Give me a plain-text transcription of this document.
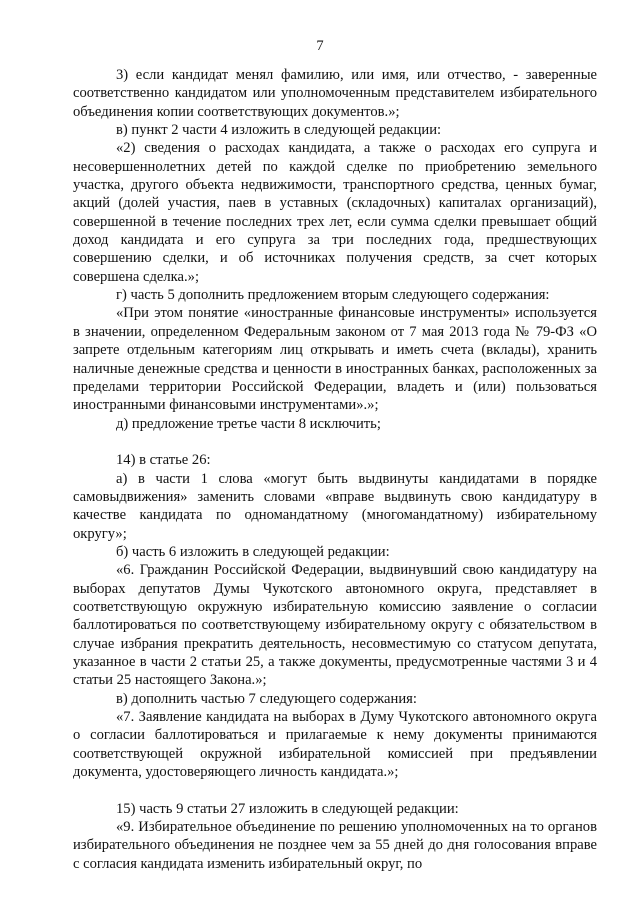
7

3) если кандидат менял фамилию, или имя, или отчество, - заверенные соответственно кандидатом или уполномоченным представителем избирательного объединения копии соответствующих документов.»;

в) пункт 2 части 4 изложить в следующей редакции:

«2) сведения о расходах кандидата, а также о расходах его супруга и несовершеннолетних детей по каждой сделке по приобретению земельного участка, другого объекта недвижимости, транспортного средства, ценных бумаг, акций (долей участия, паев в уставных (складочных) капиталах организаций), совершенной в течение последних трех лет, если сумма сделки превышает общий доход кандидата и его супруга за три последних года, предшествующих совершению сделки, и об источниках получения средств, за счет которых совершена сделка.»;

г) часть 5 дополнить предложением вторым следующего содержания:

«При этом понятие «иностранные финансовые инструменты» используется в значении, определенном Федеральным законом от 7 мая 2013 года № 79-ФЗ «О запрете отдельным категориям лиц открывать и иметь счета (вклады), хранить наличные денежные средства и ценности в иностранных банках, расположенных за пределами территории Российской Федерации, владеть и (или) пользоваться иностранными финансовыми инструментами».»;

д) предложение третье части 8 исключить;

14) в статье 26:

а) в части 1 слова «могут быть выдвинуты кандидатами в порядке самовыдвижения» заменить словами «вправе выдвинуть свою кандидатуру в качестве кандидата по одномандатному (многомандатному) избирательному округу»;

б) часть 6 изложить в следующей редакции:

«6. Гражданин Российской Федерации, выдвинувший свою кандидатуру на выборах депутатов Думы Чукотского автономного округа, представляет в соответствующую окружную избирательную комиссию заявление о согласии баллотироваться по соответствующему избирательному округу с обязательством в случае избрания прекратить деятельность, несовместимую со статусом депутата, указанное в части 2 статьи 25, а также документы, предусмотренные частями 3 и 4 статьи 25 настоящего Закона.»;

в) дополнить частью 7 следующего содержания:

«7. Заявление кандидата на выборах в Думу Чукотского автономного округа о согласии баллотироваться и прилагаемые к нему документы принимаются соответствующей окружной избирательной комиссией при предъявлении документа, удостоверяющего личность кандидата.»;

15) часть 9 статьи 27 изложить в следующей редакции:

«9. Избирательное объединение по решению уполномоченных на то органов избирательного объединения не позднее чем за 55 дней до дня голосования вправе с согласия кандидата изменить избирательный округ, по
